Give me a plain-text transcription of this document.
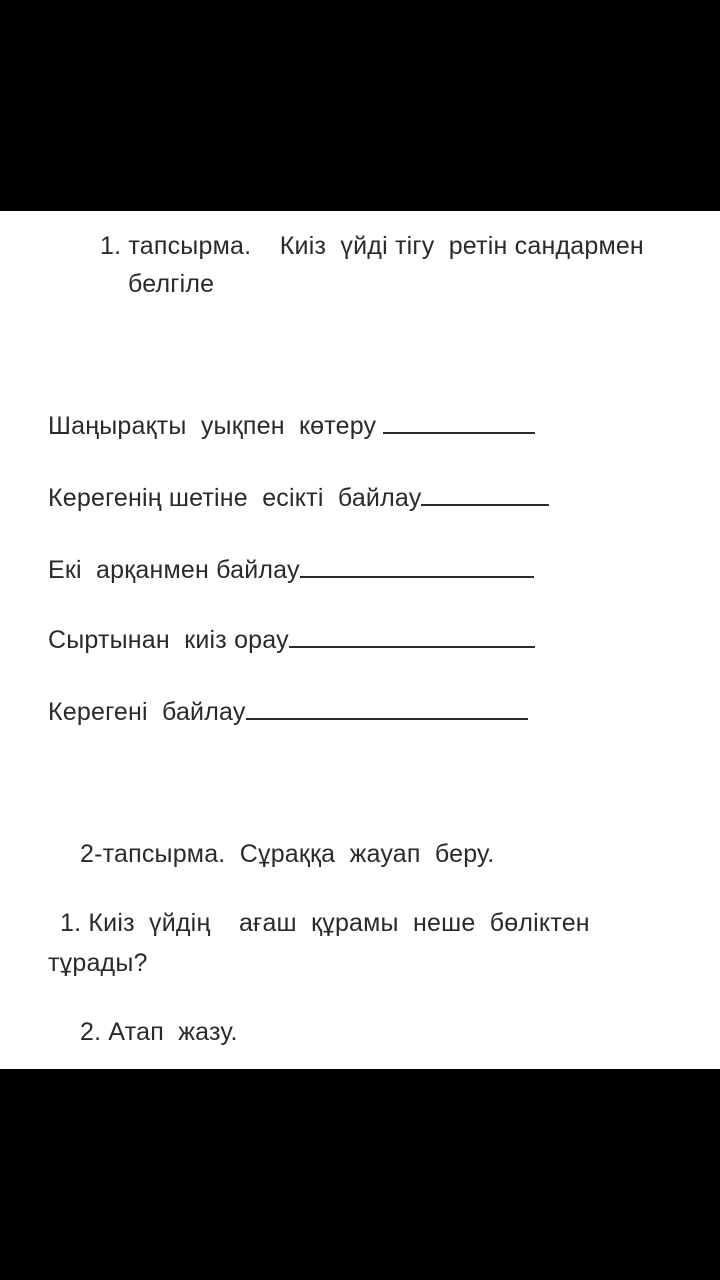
1. тапсырма.    Киіз  үйді тігу  ретін сандармен
белгіле
Шаңырақты  уықпен  көтеру
Керегенің шетіне  есікті  байлау
Екі  арқанмен байлау
Сыртынан  киіз орау
Керегені  байлау
2-тапсырма.  Сұраққа  жауап  беру.
1. Киіз  үйдің    ағаш  құрамы  неше  бөліктен
тұрады?
2. Атап  жазу.
